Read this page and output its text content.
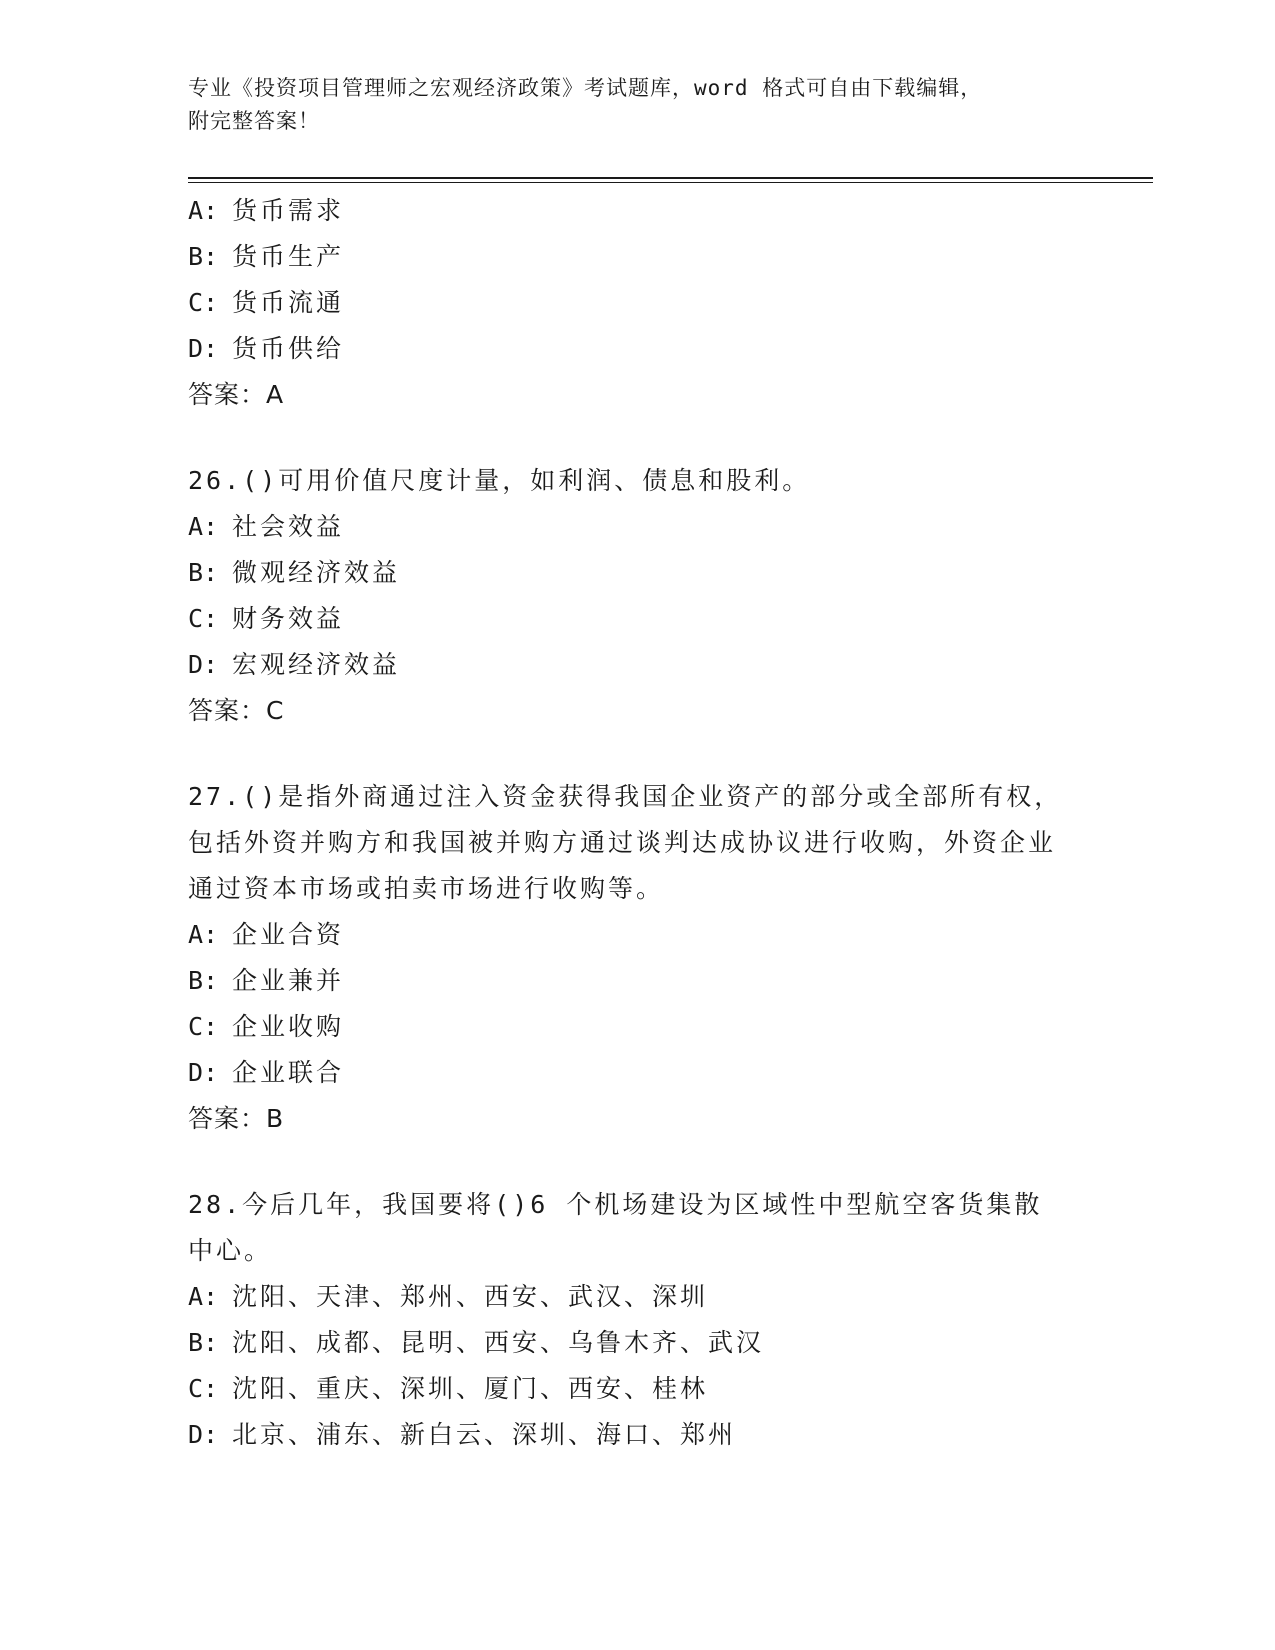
专业《投资项目管理师之宏观经济政策》考试题库，word 格式可自由下载编辑，
附完整答案！
A: 货币需求
B: 货币生产
C: 货币流通
D: 货币供给
答案：A
26.()可用价值尺度计量，如利润、债息和股利。
A: 社会效益
B: 微观经济效益
C: 财务效益
D: 宏观经济效益
答案：C
27.()是指外商通过注入资金获得我国企业资产的部分或全部所有权，包括外资并购方和我国被并购方通过谈判达成协议进行收购，外资企业通过资本市场或拍卖市场进行收购等。
A: 企业合资
B: 企业兼并
C: 企业收购
D: 企业联合
答案：B
28.今后几年，我国要将()6 个机场建设为区域性中型航空客货集散中心。
A: 沈阳、天津、郑州、西安、武汉、深圳
B: 沈阳、成都、昆明、西安、乌鲁木齐、武汉
C: 沈阳、重庆、深圳、厦门、西安、桂林
D: 北京、浦东、新白云、深圳、海口、郑州
